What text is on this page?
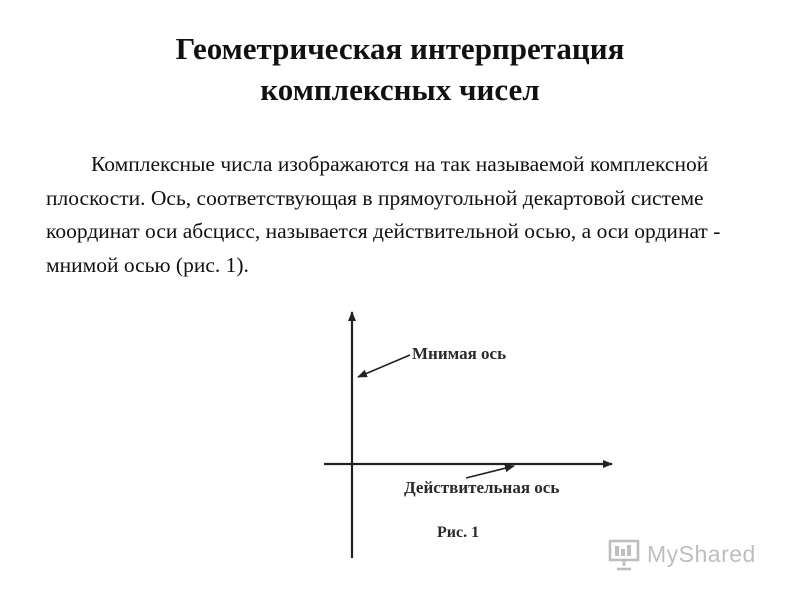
Геометрическая интерпретация
комплексных чисел

Комплексные числа изображаются на так называемой комплексной плоскости. Ось, соответствующая в прямоугольной декартовой системе координат оси абсцисс, называется действительной осью, а оси ординат - мнимой осью (рис. 1).

Мнимая ось
Действительная ось
Рис. 1
MyShared
